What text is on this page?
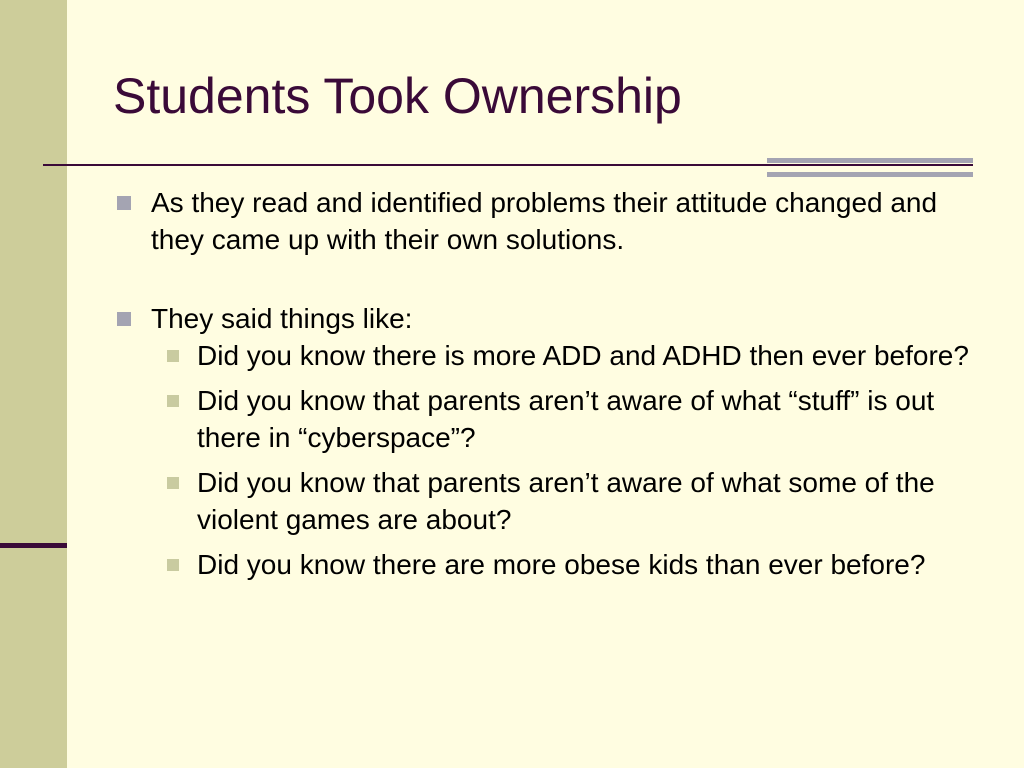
Students Took Ownership
As they read and identified problems their attitude changed and they came up with their own solutions.
They said things like:
Did you know there is more ADD and ADHD then ever before?
Did you know that parents aren’t aware of what “stuff” is out there in “cyberspace”?
Did you know that parents aren’t aware of what some of the violent games are about?
Did you know there are more obese kids than ever before?
